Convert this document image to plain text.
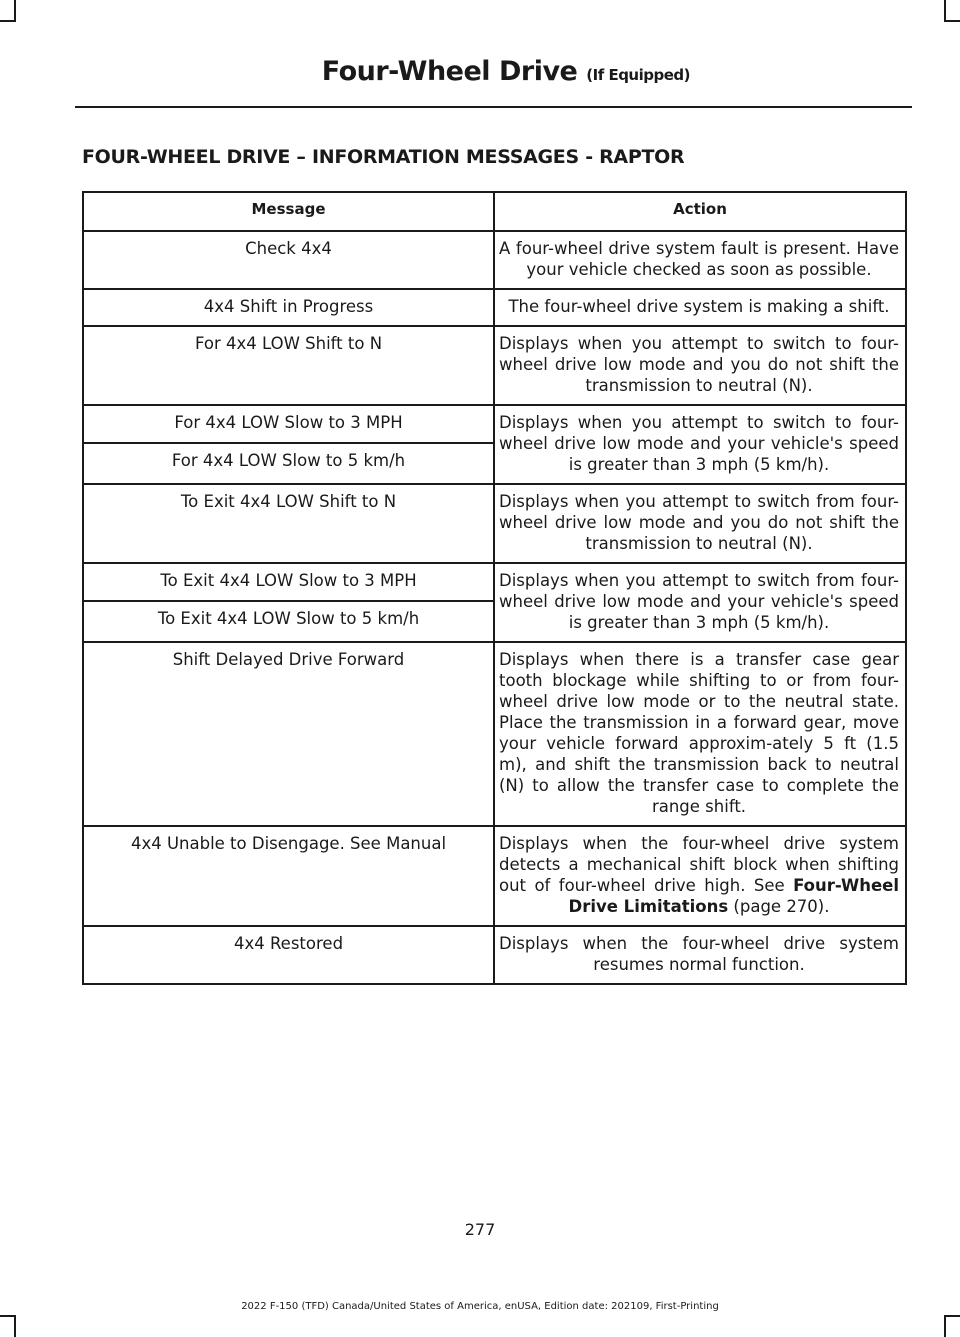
Four-Wheel Drive (If Equipped)
FOUR-WHEEL DRIVE – INFORMATION MESSAGES - RAPTOR
Message	Action
Check 4x4	A four-wheel drive system fault is present. Have your vehicle checked as soon as possible.
4x4 Shift in Progress	The four-wheel drive system is making a shift.
For 4x4 LOW Shift to N	Displays when you attempt to switch to four-wheel drive low mode and you do not shift the transmission to neutral (N).
For 4x4 LOW Slow to 3 MPH	Displays when you attempt to switch to four-wheel drive low mode and your vehicle's speed is greater than 3 mph (5 km/h).
For 4x4 LOW Slow to 5 km/h	
To Exit 4x4 LOW Shift to N	Displays when you attempt to switch from four-wheel drive low mode and you do not shift the transmission to neutral (N).
To Exit 4x4 LOW Slow to 3 MPH	Displays when you attempt to switch from four-wheel drive low mode and your vehicle's speed is greater than 3 mph (5 km/h).
To Exit 4x4 LOW Slow to 5 km/h	
Shift Delayed Drive Forward	Displays when there is a transfer case gear tooth blockage while shifting to or from four-wheel drive low mode or to the neutral state. Place the transmission in a forward gear, move your vehicle forward approxim-ately 5 ft (1.5 m), and shift the transmission back to neutral (N) to allow the transfer case to complete the range shift.
4x4 Unable to Disengage. See Manual	Displays when the four-wheel drive system detects a mechanical shift block when shifting out of four-wheel drive high. See Four-Wheel Drive Limitations (page 270).
4x4 Restored	Displays when the four-wheel drive system resumes normal function.
277
2022 F-150 (TFD) Canada/United States of America, enUSA, Edition date: 202109, First-Printing
